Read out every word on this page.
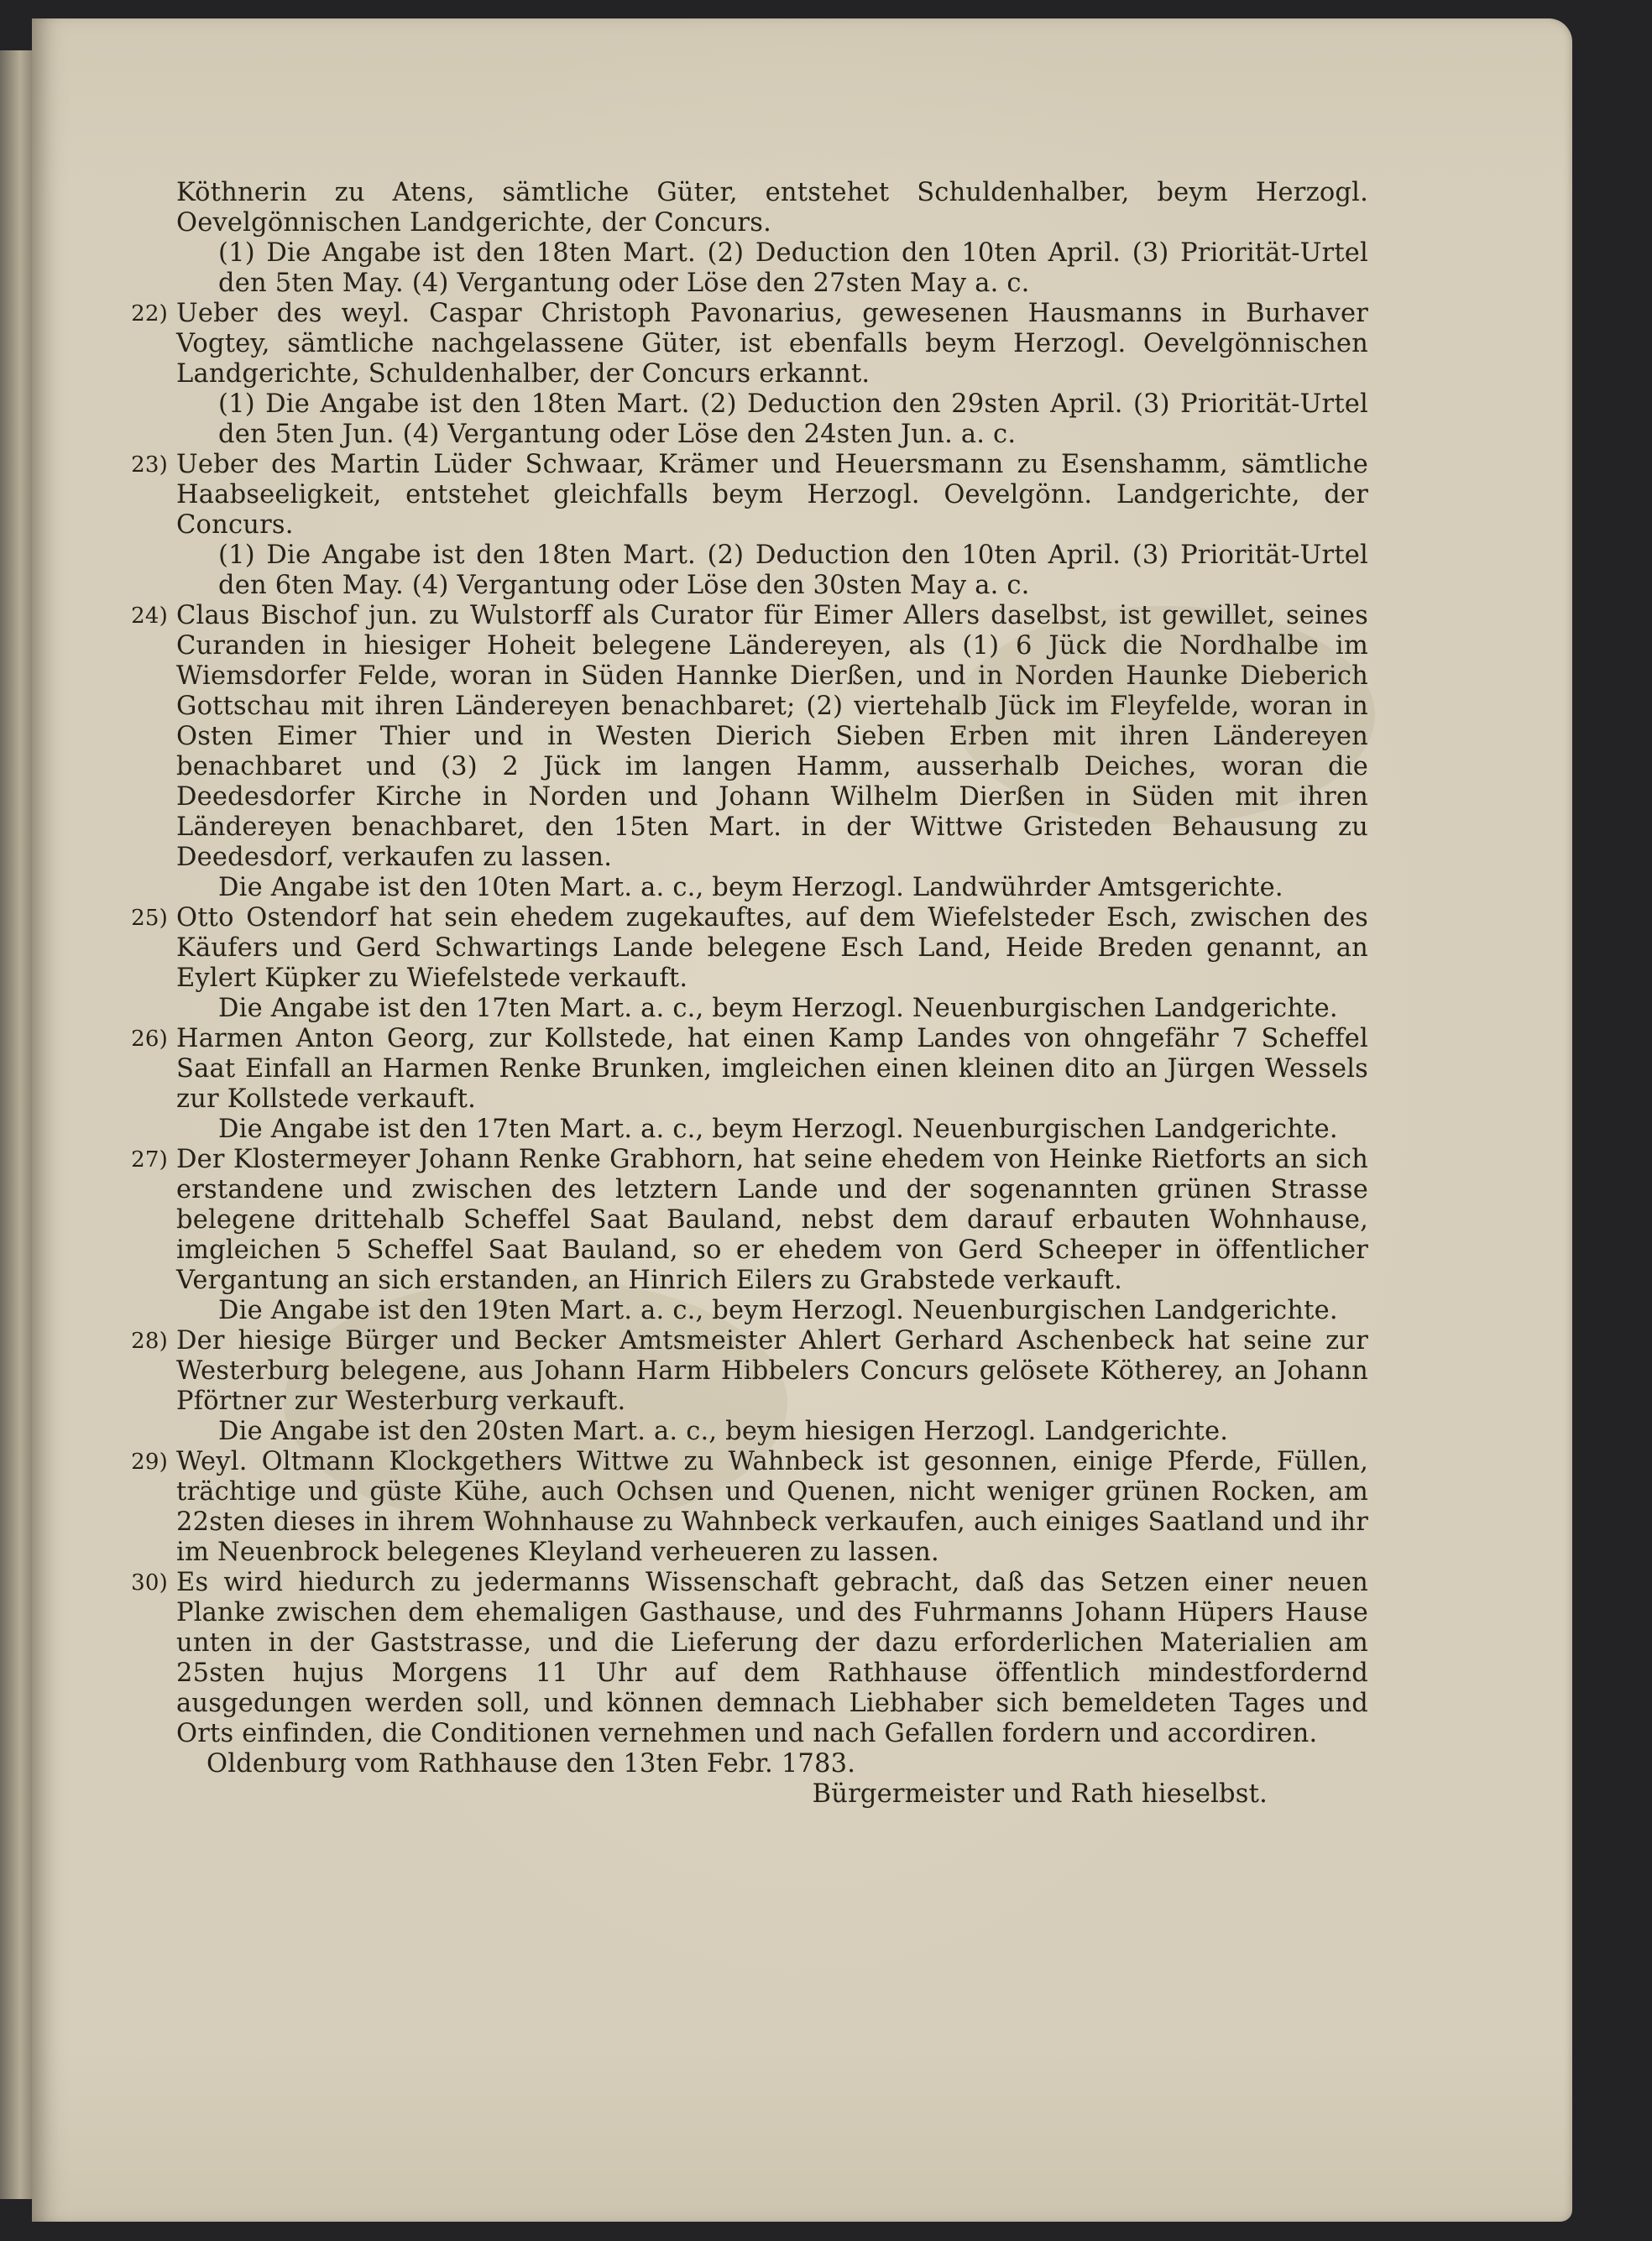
Köthnerin zu Atens, sämtliche Güter, entstehet Schuldenhalber, beym Herzogl. Oevelgönnischen Landgerichte, der Concurs.

(1) Die Angabe ist den 18ten Mart. (2) Deduction den 10ten April. (3) Priorität-Urtel den 5ten May. (4) Vergantung oder Löse den 27sten May a. c.

22) Ueber des weyl. Caspar Christoph Pavonarius, gewesenen Hausmanns in Burhaver Vogtey, sämtliche nachgelassene Güter, ist ebenfalls beym Herzogl. Oevelgönnischen Landgerichte, Schuldenhalber, der Concurs erkannt.

(1) Die Angabe ist den 18ten Mart. (2) Deduction den 29sten April. (3) Priorität-Urtel den 5ten Jun. (4) Vergantung oder Löse den 24sten Jun. a. c.

23) Ueber des Martin Lüder Schwaar, Krämer und Heuersmann zu Esenshamm, sämtliche Haabseeligkeit, entstehet gleichfalls beym Herzogl. Oevelgönn. Landgerichte, der Concurs.

(1) Die Angabe ist den 18ten Mart. (2) Deduction den 10ten April. (3) Priorität-Urtel den 6ten May. (4) Vergantung oder Löse den 30sten May a. c.

24) Claus Bischof jun. zu Wulstorff als Curator für Eimer Allers daselbst, ist gewillet, seines Curanden in hiesiger Hoheit belegene Ländereyen, als (1) 6 Jück die Nordhalbe im Wiemsdorfer Felde, woran in Süden Hannke Dierßen, und in Norden Haunke Dieberich Gottschau mit ihren Ländereyen benachbaret; (2) viertehalb Jück im Fleyfelde, woran in Osten Eimer Thier und in Westen Dierich Sieben Erben mit ihren Ländereyen benachbaret und (3) 2 Jück im langen Hamm, ausserhalb Deiches, woran die Deedesdorfer Kirche in Norden und Johann Wilhelm Dierßen in Süden mit ihren Ländereyen benachbaret, den 15ten Mart. in der Wittwe Gristeden Behausung zu Deedesdorf, verkaufen zu lassen.

Die Angabe ist den 10ten Mart. a. c., beym Herzogl. Landwührder Amtsgerichte.

25) Otto Ostendorf hat sein ehedem zugekauftes, auf dem Wiefelsteder Esch, zwischen des Käufers und Gerd Schwartings Lande belegene Esch Land, Heide Breden genannt, an Eylert Küpker zu Wiefelstede verkauft.

Die Angabe ist den 17ten Mart. a. c., beym Herzogl. Neuenburgischen Landgerichte.

26) Harmen Anton Georg, zur Kollstede, hat einen Kamp Landes von ohngefähr 7 Scheffel Saat Einfall an Harmen Renke Brunken, imgleichen einen kleinen dito an Jürgen Wessels zur Kollstede verkauft.

Die Angabe ist den 17ten Mart. a. c., beym Herzogl. Neuenburgischen Landgerichte.

27) Der Klostermeyer Johann Renke Grabhorn, hat seine ehedem von Heinke Rietforts an sich erstandene und zwischen des letztern Lande und der sogenannten grünen Strasse belegene drittehalb Scheffel Saat Bauland, nebst dem darauf erbauten Wohnhause, imgleichen 5 Scheffel Saat Bauland, so er ehedem von Gerd Scheeper in öffentlicher Vergantung an sich erstanden, an Hinrich Eilers zu Grabstede verkauft.

Die Angabe ist den 19ten Mart. a. c., beym Herzogl. Neuenburgischen Landgerichte.

28) Der hiesige Bürger und Becker Amtsmeister Ahlert Gerhard Aschenbeck hat seine zur Westerburg belegene, aus Johann Harm Hibbelers Concurs gelösete Kötherey, an Johann Pförtner zur Westerburg verkauft.

Die Angabe ist den 20sten Mart. a. c., beym hiesigen Herzogl. Landgerichte.

29) Weyl. Oltmann Klockgethers Wittwe zu Wahnbeck ist gesonnen, einige Pferde, Füllen, trächtige und güste Kühe, auch Ochsen und Quenen, nicht weniger grünen Rocken, am 22sten dieses in ihrem Wohnhause zu Wahnbeck verkaufen, auch einiges Saatland und ihr im Neuenbrock belegenes Kleyland verheueren zu lassen.

30) Es wird hiedurch zu jedermanns Wissenschaft gebracht, daß das Setzen einer neuen Planke zwischen dem ehemaligen Gasthause, und des Fuhrmanns Johann Hüpers Hause unten in der Gaststrasse, und die Lieferung der dazu erforderlichen Materialien am 25sten hujus Morgens 11 Uhr auf dem Rathhause öffentlich mindestfordernd ausgedungen werden soll, und können demnach Liebhaber sich bemeldeten Tages und Orts einfinden, die Conditionen vernehmen und nach Gefallen fordern und accordiren.

Oldenburg vom Rathhause den 13ten Febr. 1783.

Bürgermeister und Rath hieselbst.
